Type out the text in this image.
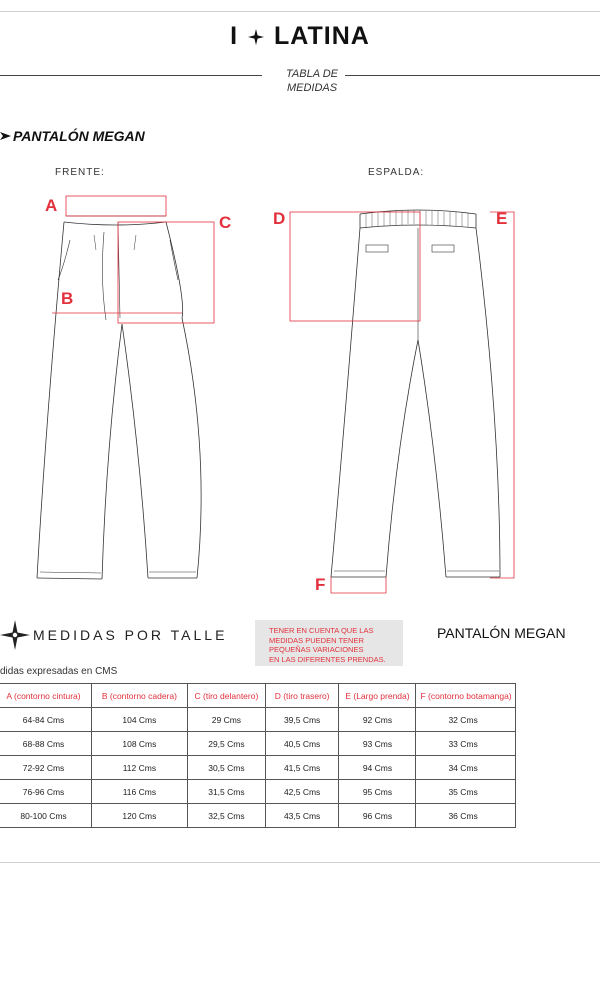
I LATINA
TABLA DE
MEDIDAS
PANTALÓN MEGAN
FRENTE:	ESPALDA:
A
B
C D	E
F
MEDIDAS POR TALLE	TENER EN CUENTA QUE LAS
MEDIDAS PUEDEN TENER
PEQUEÑAS VARIACIONES
EN LAS DIFERENTES PRENDAS.
PANTALÓN MEGAN
didas expresadas en CMS
	A (contorno cintura)	B (contorno cadera)	C (tiro delantero)	D (tiro trasero)	E (Largo prenda)	F (contorno botamanga)
	64-84 Cms	104 Cms	29 Cms	39,5 Cms	92 Cms	32 Cms
	68-88 Cms	108 Cms	29,5 Cms	40,5 Cms	93 Cms	33 Cms
	72-92 Cms	112 Cms	30,5 Cms	41,5 Cms	94 Cms	34 Cms
	76-96 Cms	116 Cms	31,5 Cms	42,5 Cms	95 Cms	35 Cms
	80-100 Cms	120 Cms	32,5 Cms	43,5 Cms	96 Cms	36 Cms
